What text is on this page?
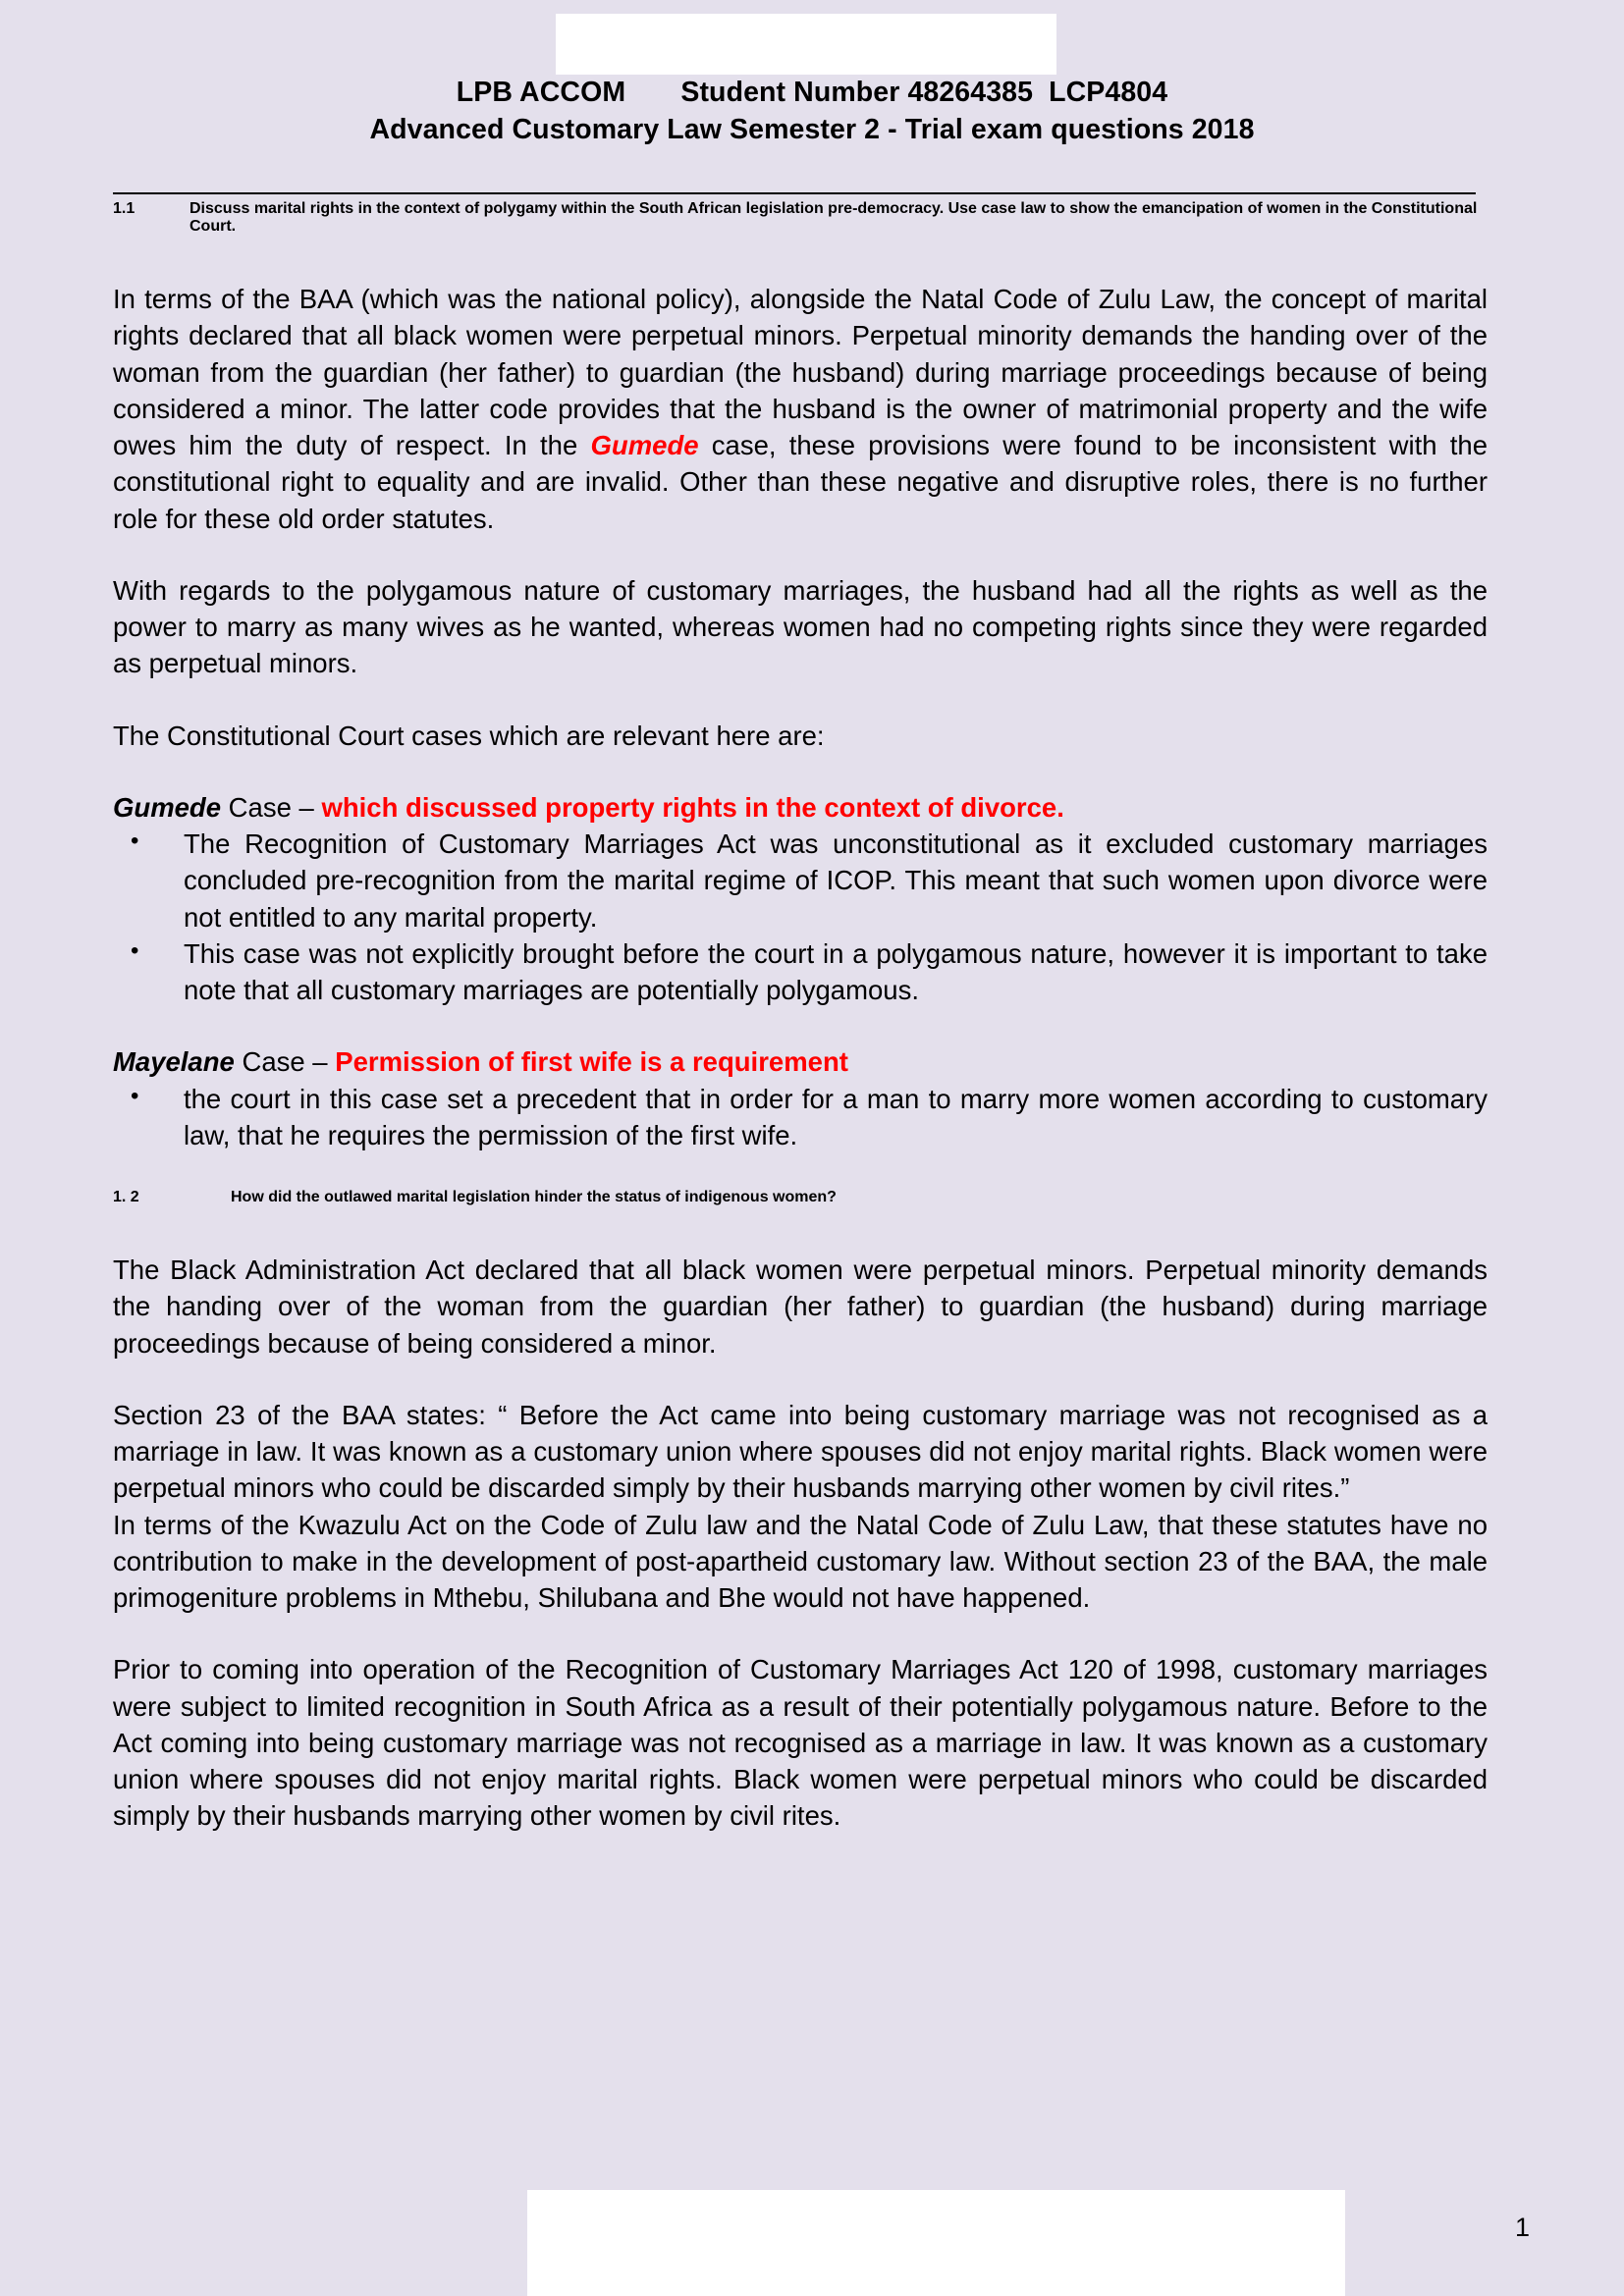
LPB ACCOM Student Number 48264385  LCP4804
Advanced Customary Law Semester 2 - Trial exam questions 2018
1.1	Discuss marital rights in the context of polygamy within the South African legislation pre-democracy. Use case law to show the emancipation of women in the Constitutional Court.

In terms of the BAA (which was the national policy), alongside the Natal Code of Zulu Law, the concept of marital rights declared that all black women were perpetual minors. Perpetual minority demands the handing over of the woman from the guardian (her father) to guardian (the husband) during marriage proceedings because of being considered a minor. The latter code provides that the husband is the owner of matrimonial property and the wife owes him the duty of respect. In the Gumede case, these provisions were found to be inconsistent with the constitutional right to equality and are invalid. Other than these negative and disruptive roles, there is no further role for these old order statutes.

With regards to the polygamous nature of customary marriages, the husband had all the rights as well as the power to marry as many wives as he wanted, whereas women had no competing rights since they were regarded as perpetual minors.

The Constitutional Court cases which are relevant here are:

Gumede Case – which discussed property rights in the context of divorce.

• The Recognition of Customary Marriages Act was unconstitutional as it excluded customary marriages concluded pre-recognition from the marital regime of ICOP. This meant that such women upon divorce were not entitled to any marital property.
• This case was not explicitly brought before the court in a polygamous nature, however it is important to take note that all customary marriages are potentially polygamous.

Mayelane Case – Permission of first wife is a requirement

• the court in this case set a precedent that in order for a man to marry more women according to customary law, that he requires the permission of the first wife.
1. 2	How did the outlawed marital legislation hinder the status of indigenous women?

The Black Administration Act declared that all black women were perpetual minors. Perpetual minority demands the handing over of the woman from the guardian (her father) to guardian (the husband) during marriage proceedings because of being considered a minor.

Section 23 of the BAA states: “ Before the Act came into being customary marriage was not recognised as a marriage in law. It was known as a customary union where spouses did not enjoy marital rights. Black women were perpetual minors who could be discarded simply by their husbands marrying other women by civil rites.”

In terms of the Kwazulu Act on the Code of Zulu law and the Natal Code of Zulu Law, that these statutes have no contribution to make in the development of post-apartheid customary law. Without section 23 of the BAA, the male primogeniture problems in Mthebu, Shilubana and Bhe would not have happened.

Prior to coming into operation of the Recognition of Customary Marriages Act 120 of 1998, customary marriages were subject to limited recognition in South Africa as a result of their potentially polygamous nature. Before to the Act coming into being customary marriage was not recognised as a marriage in law. It was known as a customary union where spouses did not enjoy marital rights. Black women were perpetual minors who could be discarded simply by their husbands marrying other women by civil rites.

1
